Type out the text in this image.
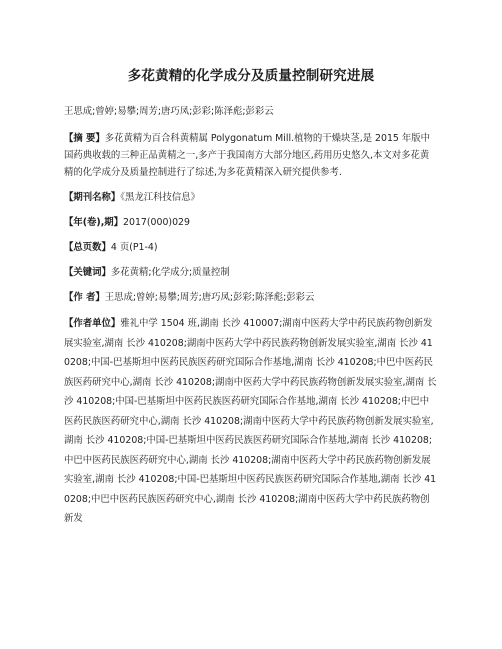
多花黄精的化学成分及质量控制研究进展
王思成;曾婷;易攀;周芳;唐巧凤;彭彩;陈泽彪;彭彩云
【摘 要】多花黄精为百合科黄精属 Polygonatum Mill.植物的干燥块茎,是 2015 年版中国药典收载的三种正品黄精之一,多产于我国南方大部分地区,药用历史悠久,本文对多花黄精的化学成分及质量控制进行了综述,为多花黄精深入研究提供参考.
【期刊名称】《黑龙江科技信息》
【年(卷),期】2017(000)029
【总页数】4 页(P1-4)
【关键词】多花黄精;化学成分;质量控制
【作 者】王思成;曾婷;易攀;周芳;唐巧凤;彭彩;陈泽彪;彭彩云
【作者单位】雅礼中学 1504 班,湖南 长沙 410007;湖南中医药大学中药民族药物创新发展实验室,湖南 长沙 410208;湖南中医药大学中药民族药物创新发展实验室,湖南 长沙 410208;中国-巴基斯坦中医药民族医药研究国际合作基地,湖南 长沙 410208;中巴中医药民族医药研究中心,湖南 长沙 410208;湖南中医药大学中药民族药物创新发展实验室,湖南 长沙 410208;中国-巴基斯坦中医药民族医药研究国际合作基地,湖南 长沙 410208;中巴中医药民族医药研究中心,湖南 长沙 410208;湖南中医药大学中药民族药物创新发展实验室,湖南 长沙 410208;中国-巴基斯坦中医药民族医药研究国际合作基地,湖南 长沙 410208;中巴中医药民族医药研究中心,湖南 长沙 410208;湖南中医药大学中药民族药物创新发展实验室,湖南 长沙 410208;中国-巴基斯坦中医药民族医药研究国际合作基地,湖南 长沙 410208;中巴中医药民族医药研究中心,湖南 长沙 410208;湖南中医药大学中药民族药物创新发
